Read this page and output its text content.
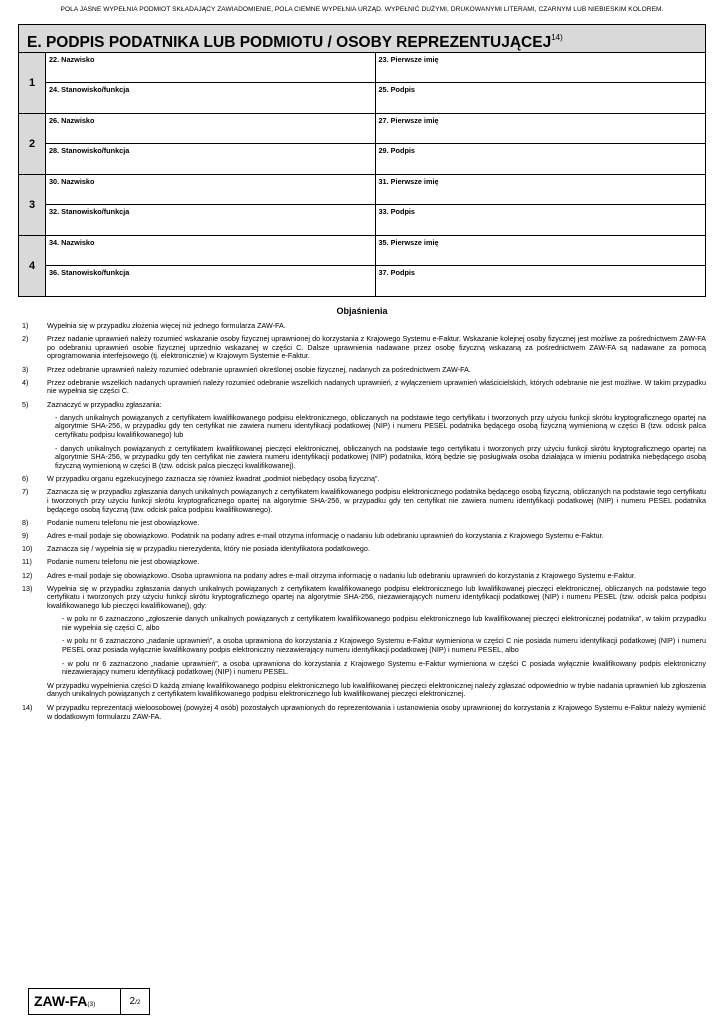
POLA JASNE WYPEŁNIA PODMIOT SKŁADAJĄCY ZAWIADOMIENIE, POLA CIEMNE WYPEŁNIA URZĄD. WYPEŁNIĆ DUŻYMI, DRUKOWANYMI LITERAMI, CZARNYM LUB NIEBIESKIM KOLOREM.
E. PODPIS PODATNIKA LUB PODMIOTU / OSOBY REPREZENTUJĄCEJ$^{14)}$
1
22. Nazwisko	23. Pierwsze imię
24. Stanowisko/funkcja	25. Podpis
2
26. Nazwisko	27. Pierwsze imię
28. Stanowisko/funkcja	29. Podpis
3
30. Nazwisko	31. Pierwsze imię
32. Stanowisko/funkcja	33. Podpis
4
34. Nazwisko	35. Pierwsze imię
36. Stanowisko/funkcja	37. Podpis
Objaśnienia
1)	Wypełnia się w przypadku złożenia więcej niż jednego formularza ZAW-FA.
2)	Przez nadanie uprawnień należy rozumieć wskazanie osoby fizycznej uprawnionej do korzystania z Krajowego Systemu e-Faktur. Wskazanie kolejnej osoby fizycznej jest możliwe za pośrednictwem ZAW-FA po odebraniu uprawnień osobie fizycznej uprzednio wskazanej w części C. Dalsze uprawnienia nadawane przez osobę fizyczną wskazaną za pośrednictwem ZAW-FA są nadawane za pomocą oprogramowania interfejsowego (tj. elektronicznie) w Krajowym Systemie e-Faktur.
3)	Przez odebranie uprawnień należy rozumieć odebranie uprawnień określonej osobie fizycznej, nadanych za pośrednictwem ZAW-FA.
4)	Przez odebranie wszelkich nadanych uprawnień należy rozumieć odebranie wszelkich nadanych uprawnień, z wyłączeniem uprawnień właścicielskich, których odebranie nie jest możliwe. W takim przypadku nie wypełnia się części C.
5)	Zaznaczyć w przypadku zgłaszania:
- danych unikalnych powiązanych z certyfikatem kwalifikowanego podpisu elektronicznego, obliczanych na podstawie tego certyfikatu i tworzonych przy użyciu funkcji skrótu kryptograficznego opartej na algorytmie SHA-256, w przypadku gdy ten certyfikat nie zawiera numeru identyfikacji podatkowej (NIP) i numeru PESEL podatnika będącego osobą fizyczną wymienioną w części B (tzw. odcisk palca certyfikatu podpisu kwalifikowanego) lub
- danych unikalnych powiązanych z certyfikatem kwalifikowanej pieczęci elektronicznej, obliczanych na podstawie tego certyfikatu i tworzonych przy użyciu funkcji skrótu kryptograficznego opartej na algorytmie SHA-256, w przypadku gdy ten certyfikat nie zawiera numeru identyfikacji podatkowej (NIP) podatnika, którą będzie się posługiwała osoba działająca w imieniu podatnika niebędącego osobą fizyczną wymienioną w części B (tzw. odcisk palca pieczęci kwalifikowanej).
6)	W przypadku organu egzekucyjnego zaznacza się również kwadrat „podmiot niebędący osobą fizyczną”.
7)	Zaznacza się w przypadku zgłaszania danych unikalnych powiązanych z certyfikatem kwalifikowanego podpisu elektronicznego podatnika będącego osobą fizyczną, obliczanych na podstawie tego certyfikatu i tworzonych przy użyciu funkcji skrótu kryptograficznego opartej na algorytmie SHA-256, w przypadku gdy ten certyfikat nie zawiera numeru identyfikacji podatkowej (NIP) i numeru PESEL podatnika będącego osobą fizyczną (tzw. odcisk palca podpisu kwalifikowanego).
8)	Podanie numeru telefonu nie jest obowiązkowe.
9)	Adres e-mail podaje się obowiązkowo. Podatnik na podany adres e-mail otrzyma informację o nadaniu lub odebraniu uprawnień do korzystania z Krajowego Systemu e-Faktur.
10)	Zaznacza się / wypełnia się w przypadku nierezydenta, który nie posiada identyfikatora podatkowego.
11)	Podanie numeru telefonu nie jest obowiązkowe.
12)	Adres e-mail podaje się obowiązkowo. Osoba uprawniona na podany adres e-mail otrzyma informację o nadaniu lub odebraniu uprawnień do korzystania z Krajowego Systemu e-Faktur.
13)	Wypełnia się w przypadku zgłaszania danych unikalnych powiązanych z certyfikatem kwalifikowanego podpisu elektronicznego lub kwalifikowanej pieczęci elektronicznej, obliczanych na podstawie tego certyfikatu i tworzonych przy użyciu funkcji skrótu kryptograficznego opartej na algorytmie SHA-256, niezawierających numeru identyfikacji podatkowej (NIP) i numeru PESEL (tzw. odcisk palca podpisu kwalifikowanego lub pieczęci kwalifikowanej), gdy:
- w polu nr 6 zaznaczono „zgłoszenie danych unikalnych powiązanych z certyfikatem kwalifikowanego podpisu elektronicznego lub kwalifikowanej pieczęci elektronicznej podatnika”, w takim przypadku nie wypełnia się części C, albo
- w polu nr 6 zaznaczono „nadanie uprawnień”, a osoba uprawniona do korzystania z Krajowego Systemu e-Faktur wymieniona w części C nie posiada numeru identyfikacji podatkowej (NIP) i numeru PESEL oraz posiada wyłącznie kwalifikowany podpis elektroniczny niezawierający numeru identyfikacji podatkowej (NIP) i numeru PESEL, albo
- w polu nr 6 zaznaczono „nadanie uprawnień”, a osoba uprawniona do korzystania z Krajowego Systemu e-Faktur wymieniona w części C posiada wyłącznie kwalifikowany podpis elektroniczny niezawierający numeru identyfikacji podatkowej (NIP) i numeru PESEL.
W przypadku wypełnienia części D każdą zmianę kwalifikowanego podpisu elektronicznego lub kwalifikowanej pieczęci elektronicznej należy zgłaszać odpowiednio w trybie nadania uprawnień lub zgłoszenia danych unikalnych powiązanych z certyfikatem kwalifikowanego podpisu elektronicznego lub kwalifikowanej pieczęci elektronicznej.
14)	W przypadku reprezentacji wieloosobowej (powyżej 4 osób) pozostałych uprawnionych do reprezentowania i ustanowienia osoby uprawnionej do korzystania z Krajowego Systemu e-Faktur należy wymienić w dodatkowym formularzu ZAW-FA.
ZAW-FA(3)	2/2
